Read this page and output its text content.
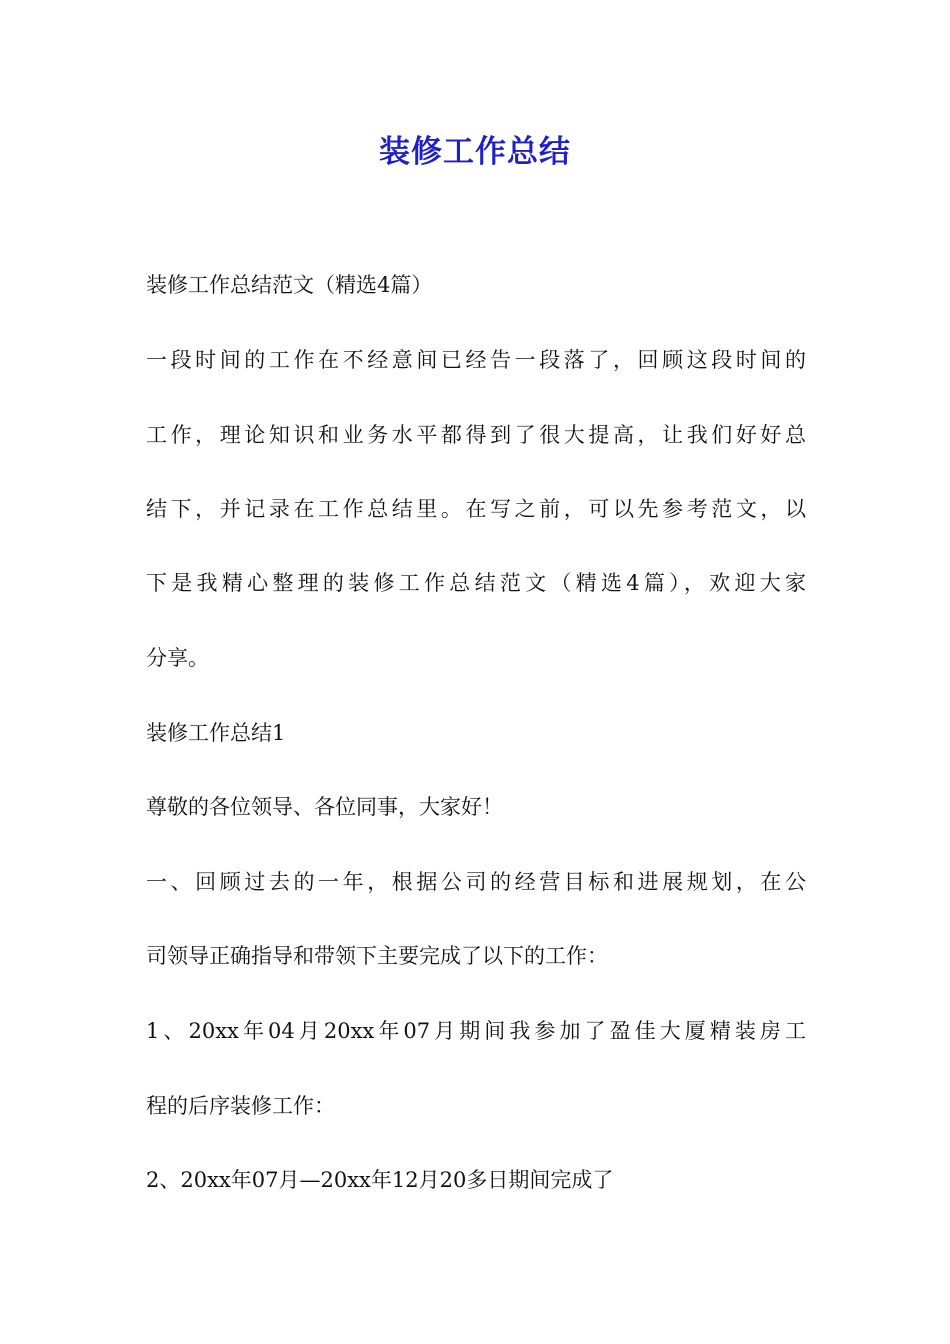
装修工作总结
装修工作总结范文（精选4篇）
一段时间的工作在不经意间已经告一段落了，回顾这段时间的
工作，理论知识和业务水平都得到了很大提高，让我们好好总
结下，并记录在工作总结里。在写之前，可以先参考范文，以
下是我精心整理的装修工作总结范文（精选4篇），欢迎大家
分享。
装修工作总结1
尊敬的各位领导、各位同事，大家好！
一、回顾过去的一年，根据公司的经营目标和进展规划，在公
司领导正确指导和带领下主要完成了以下的工作：
1、20xx年04月20xx年07月期间我参加了盈佳大厦精装房工
程的后序装修工作：
2、20xx年07月—20xx年12月20多日期间完成了
